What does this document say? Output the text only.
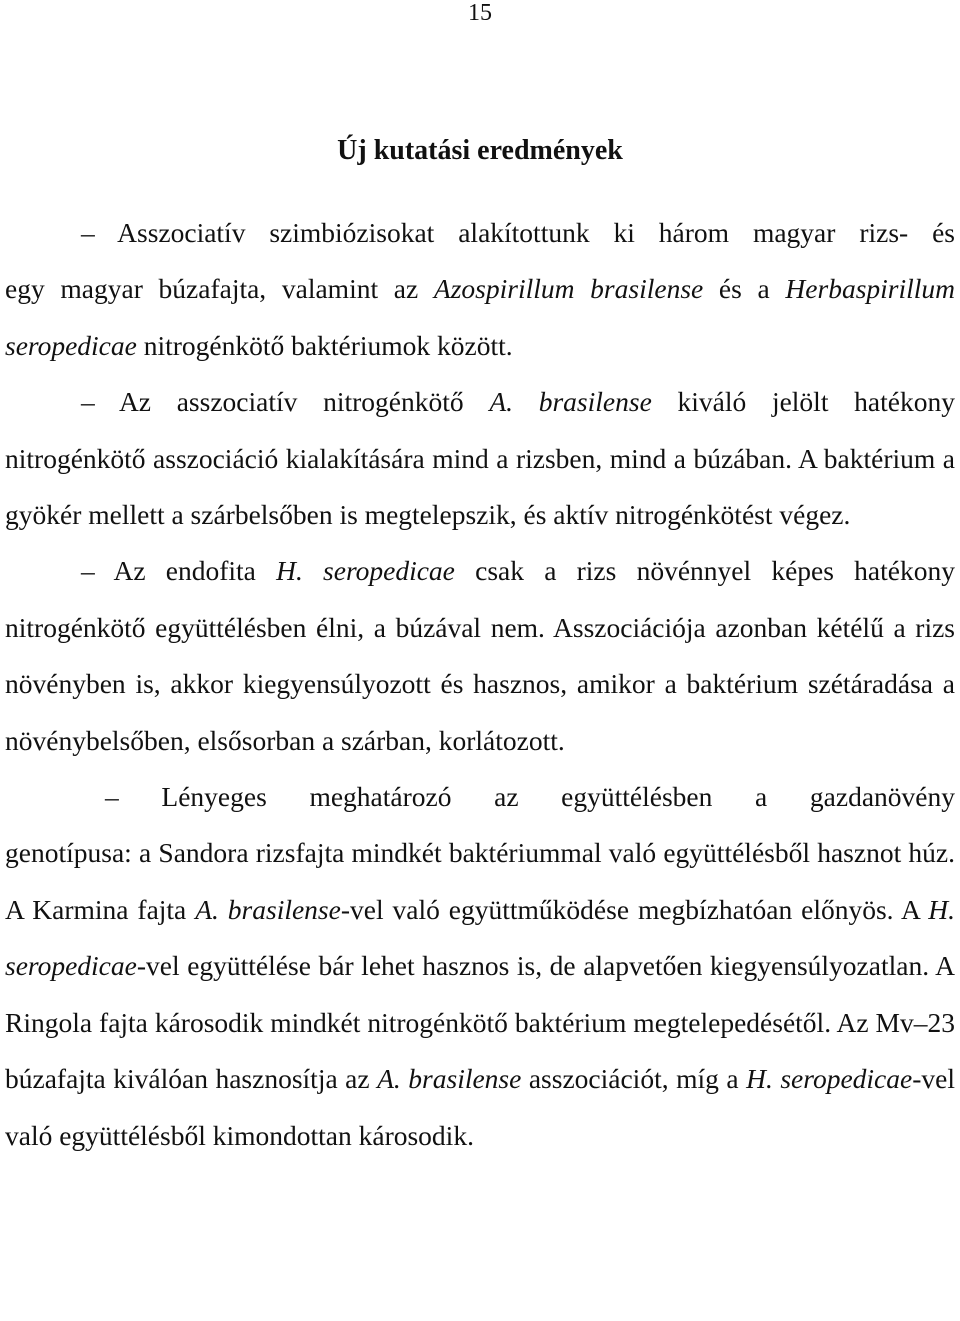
15
Új kutatási eredmények

– Asszociatív szimbiózisokat alakítottunk ki három magyar rizs- és
egy magyar búzafajta, valamint az Azospirillum brasilense és a Herbaspirillum seropedicae nitrogénkötő baktériumok között.

– Az asszociatív nitrogénkötő A. brasilense kiváló jelölt hatékony
nitrogénkötő asszociáció kialakítására mind a rizsben, mind a búzában. A baktérium a gyökér mellett a szárbelsőben is megtelepszik, és aktív nitrogénkötést végez.

– Az endofita H. seropedicae csak a rizs növénnyel képes hatékony
nitrogénkötő együttélésben élni, a búzával nem. Asszociációja azonban kétélű a rizs növényben is, akkor kiegyensúlyozott és hasznos, amikor a baktérium szétáradása a növénybelsőben, elsősorban a szárban, korlátozott.

– Lényeges meghatározó az együttélésben a gazdanövény
genotípusa: a Sandora rizsfajta mindkét baktériummal való együttélésből hasznot húz. A Karmina fajta A. brasilense-vel való együttműködése megbízhatóan előnyös. A H. seropedicae-vel együttélése bár lehet hasznos is, de alapvetően kiegyensúlyozatlan. A Ringola fajta károsodik mindkét nitrogénkötő baktérium megtelepedésétől. Az Mv–23 búzafajta kiválóan hasznosítja az A. brasilense asszociációt, míg a H. seropedicae-vel való együttélésből kimondottan károsodik.
